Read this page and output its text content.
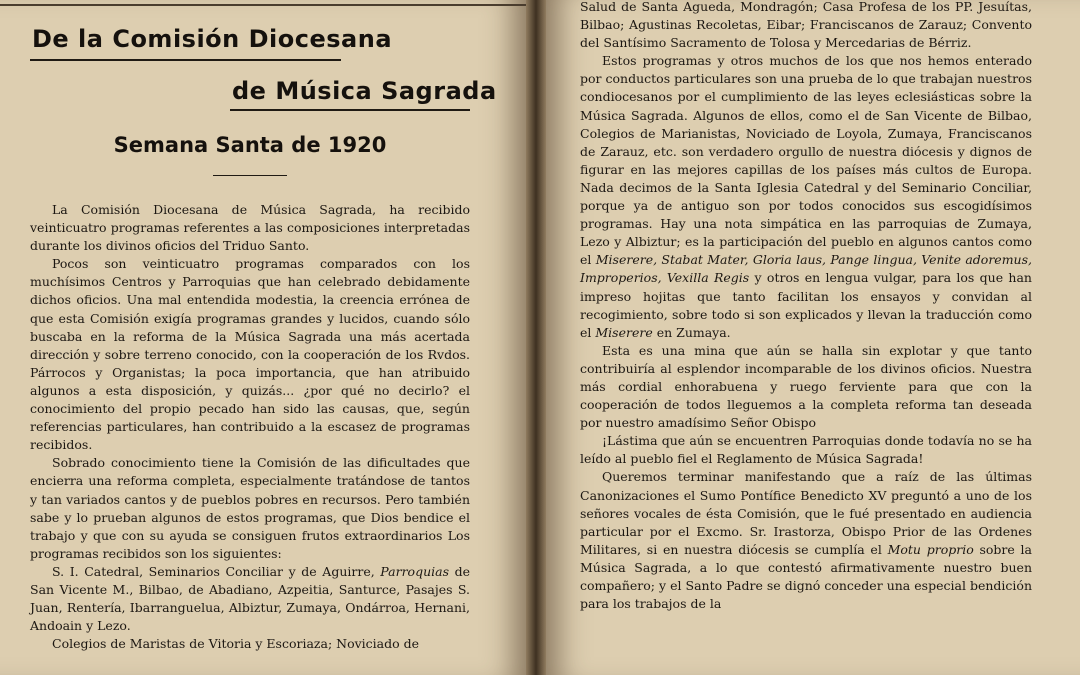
De la Comisión Diocesana
de Música Sagrada
Semana Santa de 1920

La Comisión Diocesana de Música Sagrada, ha recibido veinticuatro programas referentes a las composiciones interpretadas durante los divinos oficios del Triduo Santo.

Pocos son veinticuatro programas comparados con los muchísimos Centros y Parroquias que han celebrado debidamente dichos oficios. Una mal entendida modestia, la creencia errónea de que esta Comisión exigía programas grandes y lucidos, cuando sólo buscaba en la reforma de la Música Sagrada una más acertada dirección y sobre terreno conocido, con la cooperación de los Rvdos. Párrocos y Organistas; la poca importancia, que han atribuido algunos a esta disposición, y quizás... ¿por qué no decirlo? el conocimiento del propio pecado han sido las causas, que, según referencias particulares, han contribuido a la escasez de programas recibidos.

Sobrado conocimiento tiene la Comisión de las dificultades que encierra una reforma completa, especialmente tratándose de tantos y tan variados cantos y de pueblos pobres en recursos. Pero también sabe y lo prueban algunos de estos programas, que Dios bendice el trabajo y que con su ayuda se consiguen frutos extraordinarios Los programas recibidos son los siguientes:

S. I. Catedral, Seminarios Conciliar y de Aguirre, Parroquias de San Vicente M., Bilbao, de Abadiano, Azpeitia, Santurce, Pasajes S. Juan, Rentería, Ibarranguelua, Albiztur, Zumaya, Ondárroa, Hernani, Andoain y Lezo.

Colegios de Maristas de Vitoria y Escoriaza; Noviciado de

Salud de Santa Agueda, Mondragón; Casa Profesa de los PP. Jesuítas, Bilbao; Agustinas Recoletas, Eibar; Franciscanos de Zarauz; Convento del Santísimo Sacramento de Tolosa y Mercedarias de Bérriz.

Estos programas y otros muchos de los que nos hemos enterado por conductos particulares son una prueba de lo que trabajan nuestros condiocesanos por el cumplimiento de las leyes eclesiásticas sobre la Música Sagrada. Algunos de ellos, como el de San Vicente de Bilbao, Colegios de Marianistas, Noviciado de Loyola, Zumaya, Franciscanos de Zarauz, etc. son verdadero orgullo de nuestra diócesis y dignos de figurar en las mejores capillas de los países más cultos de Europa. Nada decimos de la Santa Iglesia Catedral y del Seminario Conciliar, porque ya de antiguo son por todos conocidos sus escogidísimos programas. Hay una nota simpática en las parroquias de Zumaya, Lezo y Albiztur; es la participación del pueblo en algunos cantos como el Miserere, Stabat Mater, Gloria laus, Pange lingua, Venite adoremus, Improperios, Vexilla Regis y otros en lengua vulgar, para los que han impreso hojitas que tanto facilitan los ensayos y convidan al recogimiento, sobre todo si son explicados y llevan la traducción como el Miserere en Zumaya.

Esta es una mina que aún se halla sin explotar y que tanto contribuiría al esplendor incomparable de los divinos oficios. Nuestra más cordial enhorabuena y ruego ferviente para que con la cooperación de todos lleguemos a la completa reforma tan deseada por nuestro amadísimo Señor Obispo

¡Lástima que aún se encuentren Parroquias donde todavía no se ha leído al pueblo fiel el Reglamento de Música Sagrada!

Queremos terminar manifestando que a raíz de las últimas Canonizaciones el Sumo Pontífice Benedicto XV preguntó a uno de los señores vocales de ésta Comisión, que le fué presentado en audiencia particular por el Excmo. Sr. Irastorza, Obispo Prior de las Ordenes Militares, si en nuestra diócesis se cumplía el Motu proprio sobre la Música Sagrada, a lo que contestó afirmativamente nuestro buen compañero; y el Santo Padre se dignó conceder una especial bendición para los trabajos de la
